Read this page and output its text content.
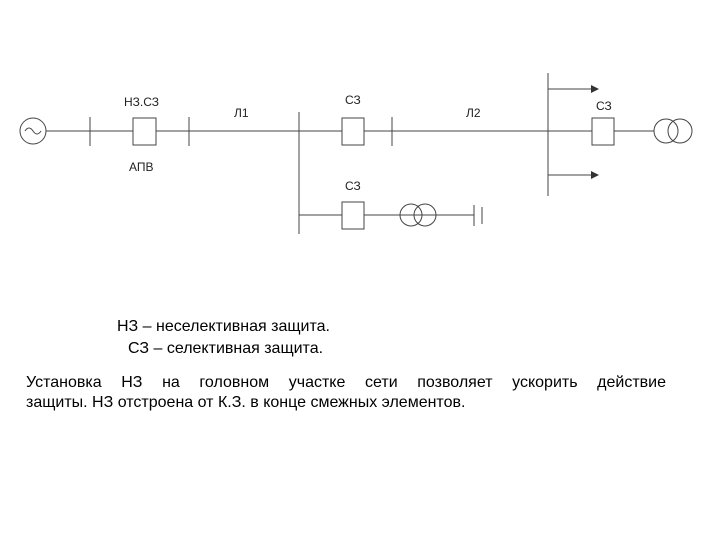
НЗ.СЗ
АПВ
Л1
СЗ
Л2	СЗ
СЗ
НЗ – неселективная защита.
СЗ – селективная защита.
Установка НЗ на головном участке сети позволяет ускорить действие
защиты. НЗ отстроена от К.З. в конце смежных элементов.
